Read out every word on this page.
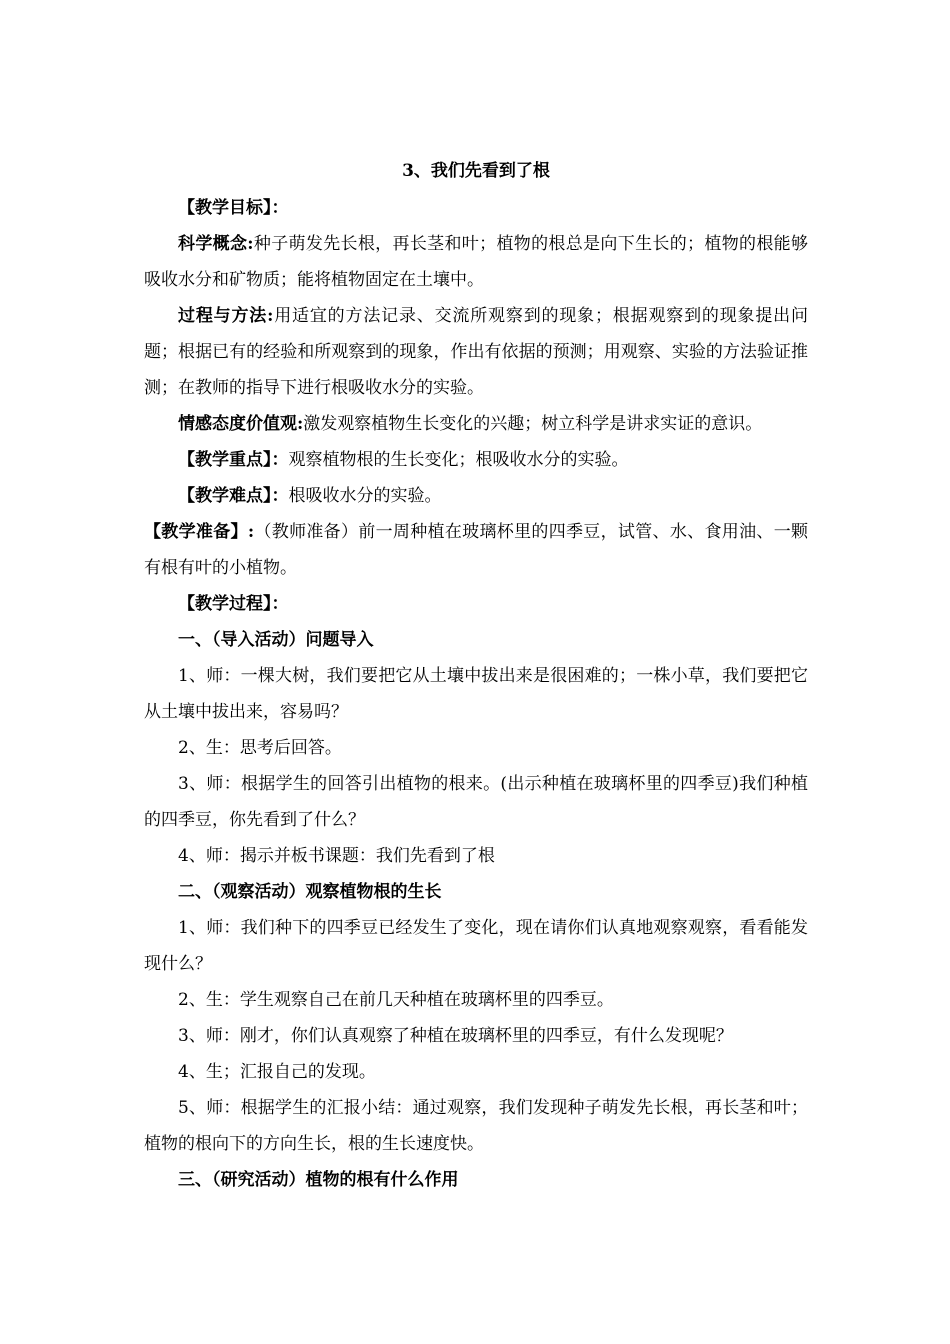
3、我们先看到了根

【教学目标】：

科学概念:种子萌发先长根，再长茎和叶；植物的根总是向下生长的；植物的根能够吸收水分和矿物质；能将植物固定在土壤中。

过程与方法:用适宜的方法记录、交流所观察到的现象；根据观察到的现象提出问题；根据已有的经验和所观察到的现象，作出有依据的预测；用观察、实验的方法验证推测；在教师的指导下进行根吸收水分的实验。

情感态度价值观:激发观察植物生长变化的兴趣；树立科学是讲求实证的意识。

【教学重点】：观察植物根的生长变化；根吸收水分的实验。

【教学难点】：根吸收水分的实验。

【教学准备】:（教师准备）前一周种植在玻璃杯里的四季豆，试管、水、食用油、一颗有根有叶的小植物。

【教学过程】：

一、（导入活动）问题导入

1、师：一棵大树，我们要把它从土壤中拔出来是很困难的；一株小草，我们要把它从土壤中拔出来，容易吗？

2、生：思考后回答。

3、师：根据学生的回答引出植物的根来。(出示种植在玻璃杯里的四季豆)我们种植的四季豆，你先看到了什么？

4、师：揭示并板书课题：我们先看到了根

二、（观察活动）观察植物根的生长

1、师：我们种下的四季豆已经发生了变化，现在请你们认真地观察观察，看看能发现什么？

2、生：学生观察自己在前几天种植在玻璃杯里的四季豆。

3、师：刚才，你们认真观察了种植在玻璃杯里的四季豆，有什么发现呢？

4、生；汇报自己的发现。

5、师：根据学生的汇报小结：通过观察，我们发现种子萌发先长根，再长茎和叶；植物的根向下的方向生长，根的生长速度快。

三、（研究活动）植物的根有什么作用
